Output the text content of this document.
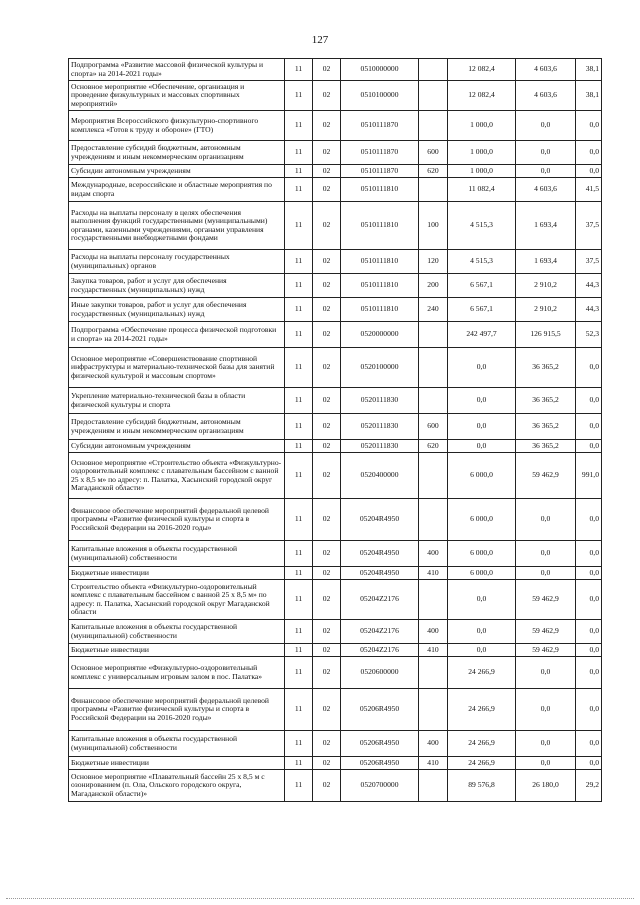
127
Подпрограмма «Развитие массовой физической культуры и спорта» на 2014-2021 годы»	11	02	0510000000		12 082,4	4 603,6	38,1
Основное мероприятие «Обеспечение, организация и проведение физкультурных и массовых спортивных мероприятий»	11	02	0510100000		12 082,4	4 603,6	38,1
Мероприятия Всероссийского физкультурно-спортивного комплекса «Готов к труду и обороне» (ГТО)	11	02	0510111870		1 000,0	0,0	0,0
Предоставление субсидий бюджетным, автономным учреждениям и иным некоммерческим организациям	11	02	0510111870	600	1 000,0	0,0	0,0
Субсидии автономным учреждениям	11	02	0510111870	620	1 000,0	0,0	0,0
Международные, всероссийские и областные мероприятия по видам спорта	11	02	0510111810		11 082,4	4 603,6	41,5
Расходы на выплаты персоналу в целях обеспечения выполнения функций государственными (муниципальными) органами, казенными учреждениями, органами управления государственными внебюджетными фондами	11	02	0510111810	100	4 515,3	1 693,4	37,5
Расходы на выплаты персоналу государственных (муниципальных) органов	11	02	0510111810	120	4 515,3	1 693,4	37,5
Закупка товаров, работ и услуг для обеспечения государственных (муниципальных) нужд	11	02	0510111810	200	6 567,1	2 910,2	44,3
Иные закупки товаров, работ и услуг для обеспечения государственных (муниципальных) нужд	11	02	0510111810	240	6 567,1	2 910,2	44,3
Подпрограмма «Обеспечение процесса физической подготовки и спорта» на 2014-2021 годы»	11	02	0520000000		242 497,7	126 915,5	52,3
Основное мероприятие «Совершенствование спортивной инфраструктуры и материально-технической базы для занятий физической культурой и массовым спортом»	11	02	0520100000		0,0	36 365,2	0,0
Укрепление материально-технической базы в области физической культуры и спорта	11	02	0520111830		0,0	36 365,2	0,0
Предоставление субсидий бюджетным, автономным учреждениям и иным некоммерческим организациям	11	02	0520111830	600	0,0	36 365,2	0,0
Субсидии автономным учреждениям	11	02	0520111830	620	0,0	36 365,2	0,0
Основное мероприятие «Строительство объекта «Физкультурно-оздоровительный комплекс с плавательным бассейном с ванной 25 х 8,5 м» по адресу: п. Палатка, Хасынский городской округ Магаданской области»	11	02	0520400000		6 000,0	59 462,9	991,0
Финансовое обеспечение мероприятий федеральной целевой программы «Развитие физической культуры и спорта в Российской Федерации на 2016-2020 годы»	11	02	05204R4950		6 000,0	0,0	0,0
Капитальные вложения в объекты государственной (муниципальной) собственности	11	02	05204R4950	400	6 000,0	0,0	0,0
Бюджетные инвестиции	11	02	05204R4950	410	6 000,0	0,0	0,0
Строительство объекта «Физкультурно-оздоровительный комплекс с плавательным бассейном с ванной 25 х 8,5 м» по адресу: п. Палатка, Хасынский городской округ Магаданской области	11	02	05204Z2176		0,0	59 462,9	0,0
Капитальные вложения в объекты государственной (муниципальной) собственности	11	02	05204Z2176	400	0,0	59 462,9	0,0
Бюджетные инвестиции	11	02	05204Z2176	410	0,0	59 462,9	0,0
Основное мероприятие «Физкультурно-оздоровительный комплекс с универсальным игровым залом в пос. Палатка»	11	02	0520600000		24 266,9	0,0	0,0
Финансовое обеспечение мероприятий федеральной целевой программы «Развитие физической культуры и спорта в Российской Федерации на 2016-2020 годы»	11	02	05206R4950		24 266,9	0,0	0,0
Капитальные вложения в объекты государственной (муниципальной) собственности	11	02	05206R4950	400	24 266,9	0,0	0,0
Бюджетные инвестиции	11	02	05206R4950	410	24 266,9	0,0	0,0
Основное мероприятие «Плавательный бассейн 25 х 8,5 м с озонированием (п. Ола, Ольского городского округа, Магаданской области)»	11	02	0520700000		89 576,8	26 180,0	29,2
